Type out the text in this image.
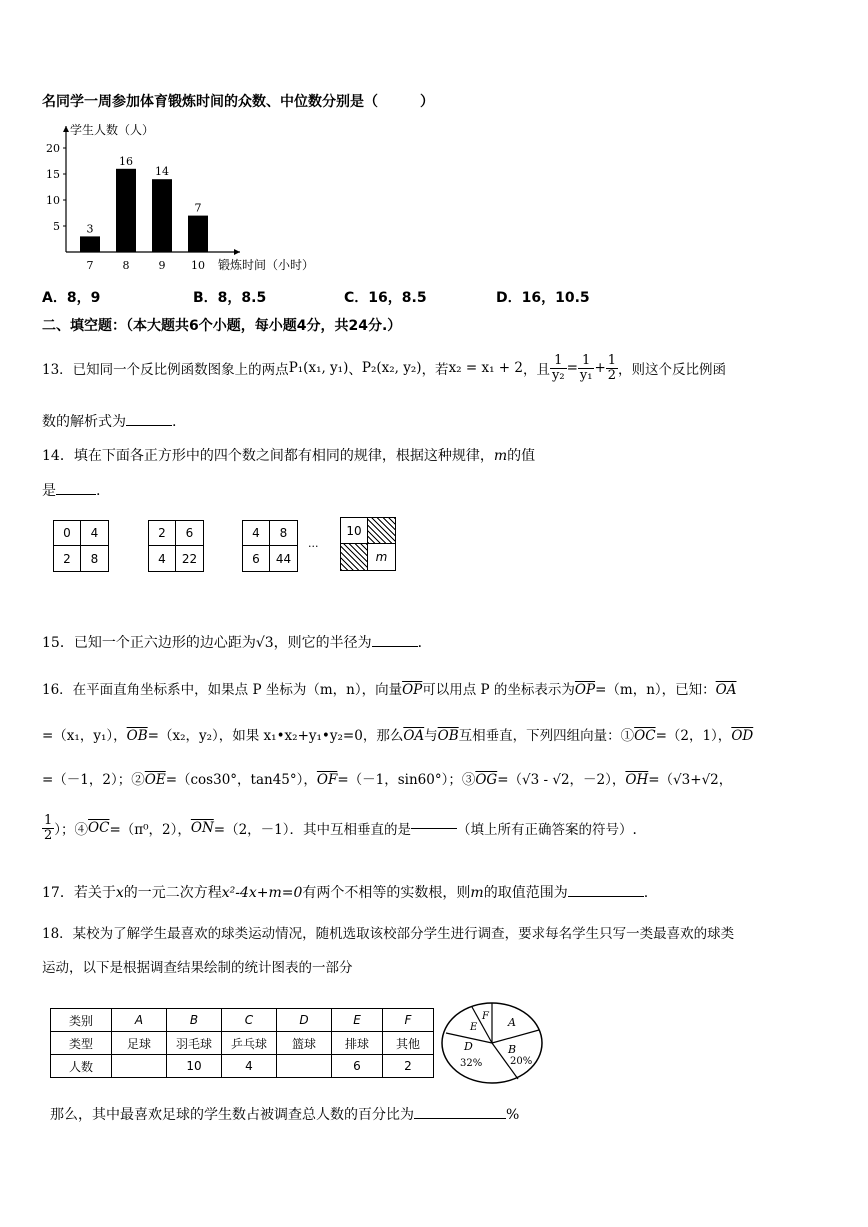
名同学一周参加体育锻炼时间的众数、中位数分别是（　　　）
学生人数（人）
锻炼时间（小时）
5
10
15
20
3
7
16
8
14
9
7
10
A．8，9	B．8，8.5	C．16，8.5	D．16，10.5
二、填空题：（本大题共6个小题，每小题4分，共24分.）
13．已知同一个反比例函数图象上的两点 P₁(x₁, y₁) 、 P₂(x₂, y₂) ，若 x₂ = x₁ + 2 ，且 $\frac{1}{\text{y₂}} = \frac{1}{\text{y₁}} + \frac{1}{2}$ ，则这个反比例函
数的解析式为	.
14．填在下面各正方形中的四个数之间都有相同的规律，根据这种规律，m的值
是	.
0	4
2	8
2	6
4	22
4	8
6	44
···
10
m
15．已知一个正六边形的边心距为√3，则它的半径为	．
16．在平面直角坐标系中，如果点 P 坐标为（m，n），向量$\overline{OP}$可以用点 P 的坐标表示为$\overline{OP}=(m$，n），已知：$\overline{OA}$
=（x₁，y₁），$\overline{OB}=(x_2$，y₂），如果 x₁•x₂+y₁•y₂=0，那么$\overline{OA}$与$\overline{OB}$互相垂直，下列四组向量：$①\overline{OC}=(2$，1），$\overline{OD}$
=（－1，2）；$②\overline{OE}=(\cos 30^\circ$，tan45°），$\overline{OF}=(-1$，sin60°）；$③\overline{OG}=(√3 - √2$，－2），$\overline{OH}=(√3+√2$，
$\frac{1}{2}$ ）；④ $\overline{OC} =(\pi^0$，2）， $\overline{ON} =(2$，－1）．其中互相垂直的是	（填上所有正确答案的符号）.
17．若关于x的一元二次方程x²-4x+m=0有两个不相等的实数根，则m的取值范围为	.
18．某校为了解学生最喜欢的球类运动情况，随机选取该校部分学生进行调查，要求每名学生只写一类最喜欢的球类
运动，以下是根据调查结果绘制的统计图表的一部分
类别	A	B	C	D	E	F
类型	足球	羽毛球	乒乓球	篮球	排球	其他
人数		10	4		6	2
A
B
20%
D
32%
E
F
那么，其中最喜欢足球的学生数占被调查总人数的百分比为	%
